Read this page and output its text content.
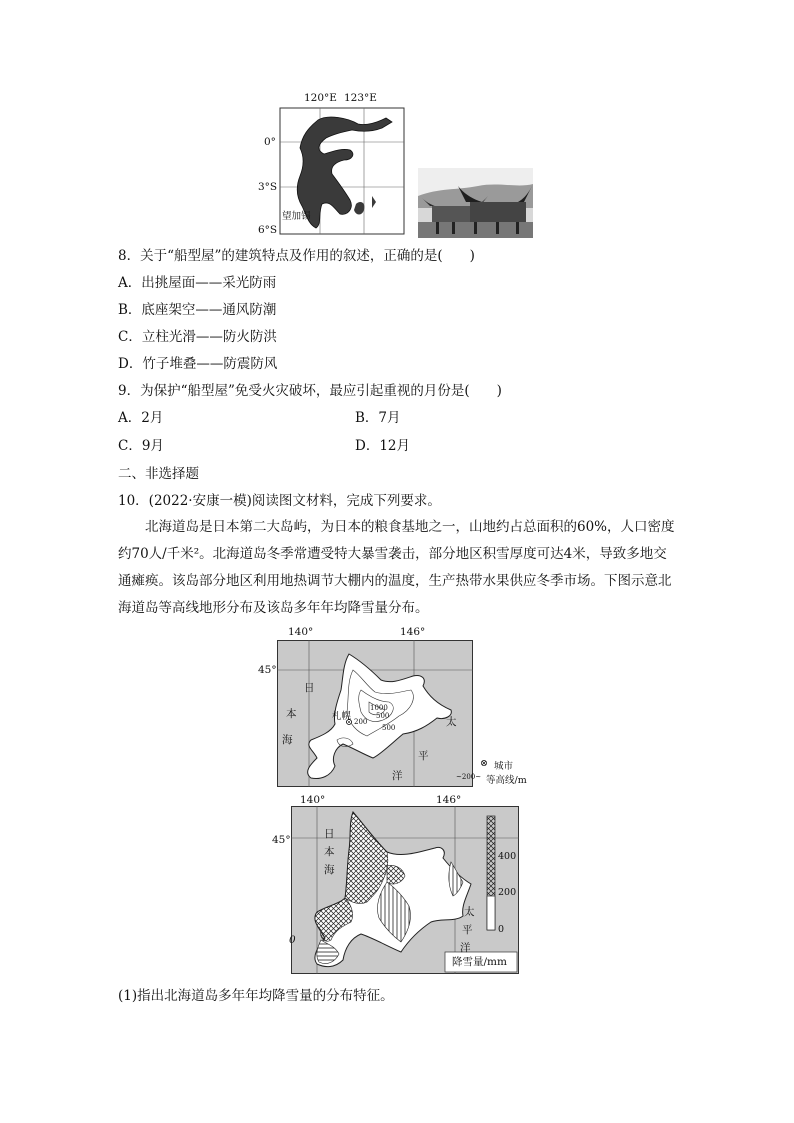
120°E 123°E
0°
3°S
6°S
望加锡
8．关于“船型屋”的建筑特点及作用的叙述，正确的是(　　)
A．出挑屋面——采光防雨
B．底座架空——通风防潮
C．立柱光滑——防火防洪
D．竹子堆叠——防震防风
9．为保护“船型屋”免受火灾破坏，最应引起重视的月份是(　　)
A．2月	B．7月
C．9月	D．12月
二、非选择题
10．(2022·安康一模)阅读图文材料，完成下列要求。
北海道岛是日本第二大岛屿，为日本的粮食基地之一，山地约占总面积的60%，人口密度约70人/千米²。北海道岛冬季常遭受特大暴雪袭击，部分地区积雪厚度可达4米，导致多地交通瘫痪。该岛部分地区利用地热调节大棚内的温度，生产热带水果供应冬季市场。下图示意北海道岛等高线地形分布及该岛多年年均降雪量分布。
140°	146°
45°
日
本
海
札幌
1000
500
200
500	太
平
洋
⊗ 城市
~200~ 等高线/m
140°	146°
45°	日
本
海
太
平
洋
0
400
200
0
降雪量/mm
(1)指出北海道岛多年年均降雪量的分布特征。
